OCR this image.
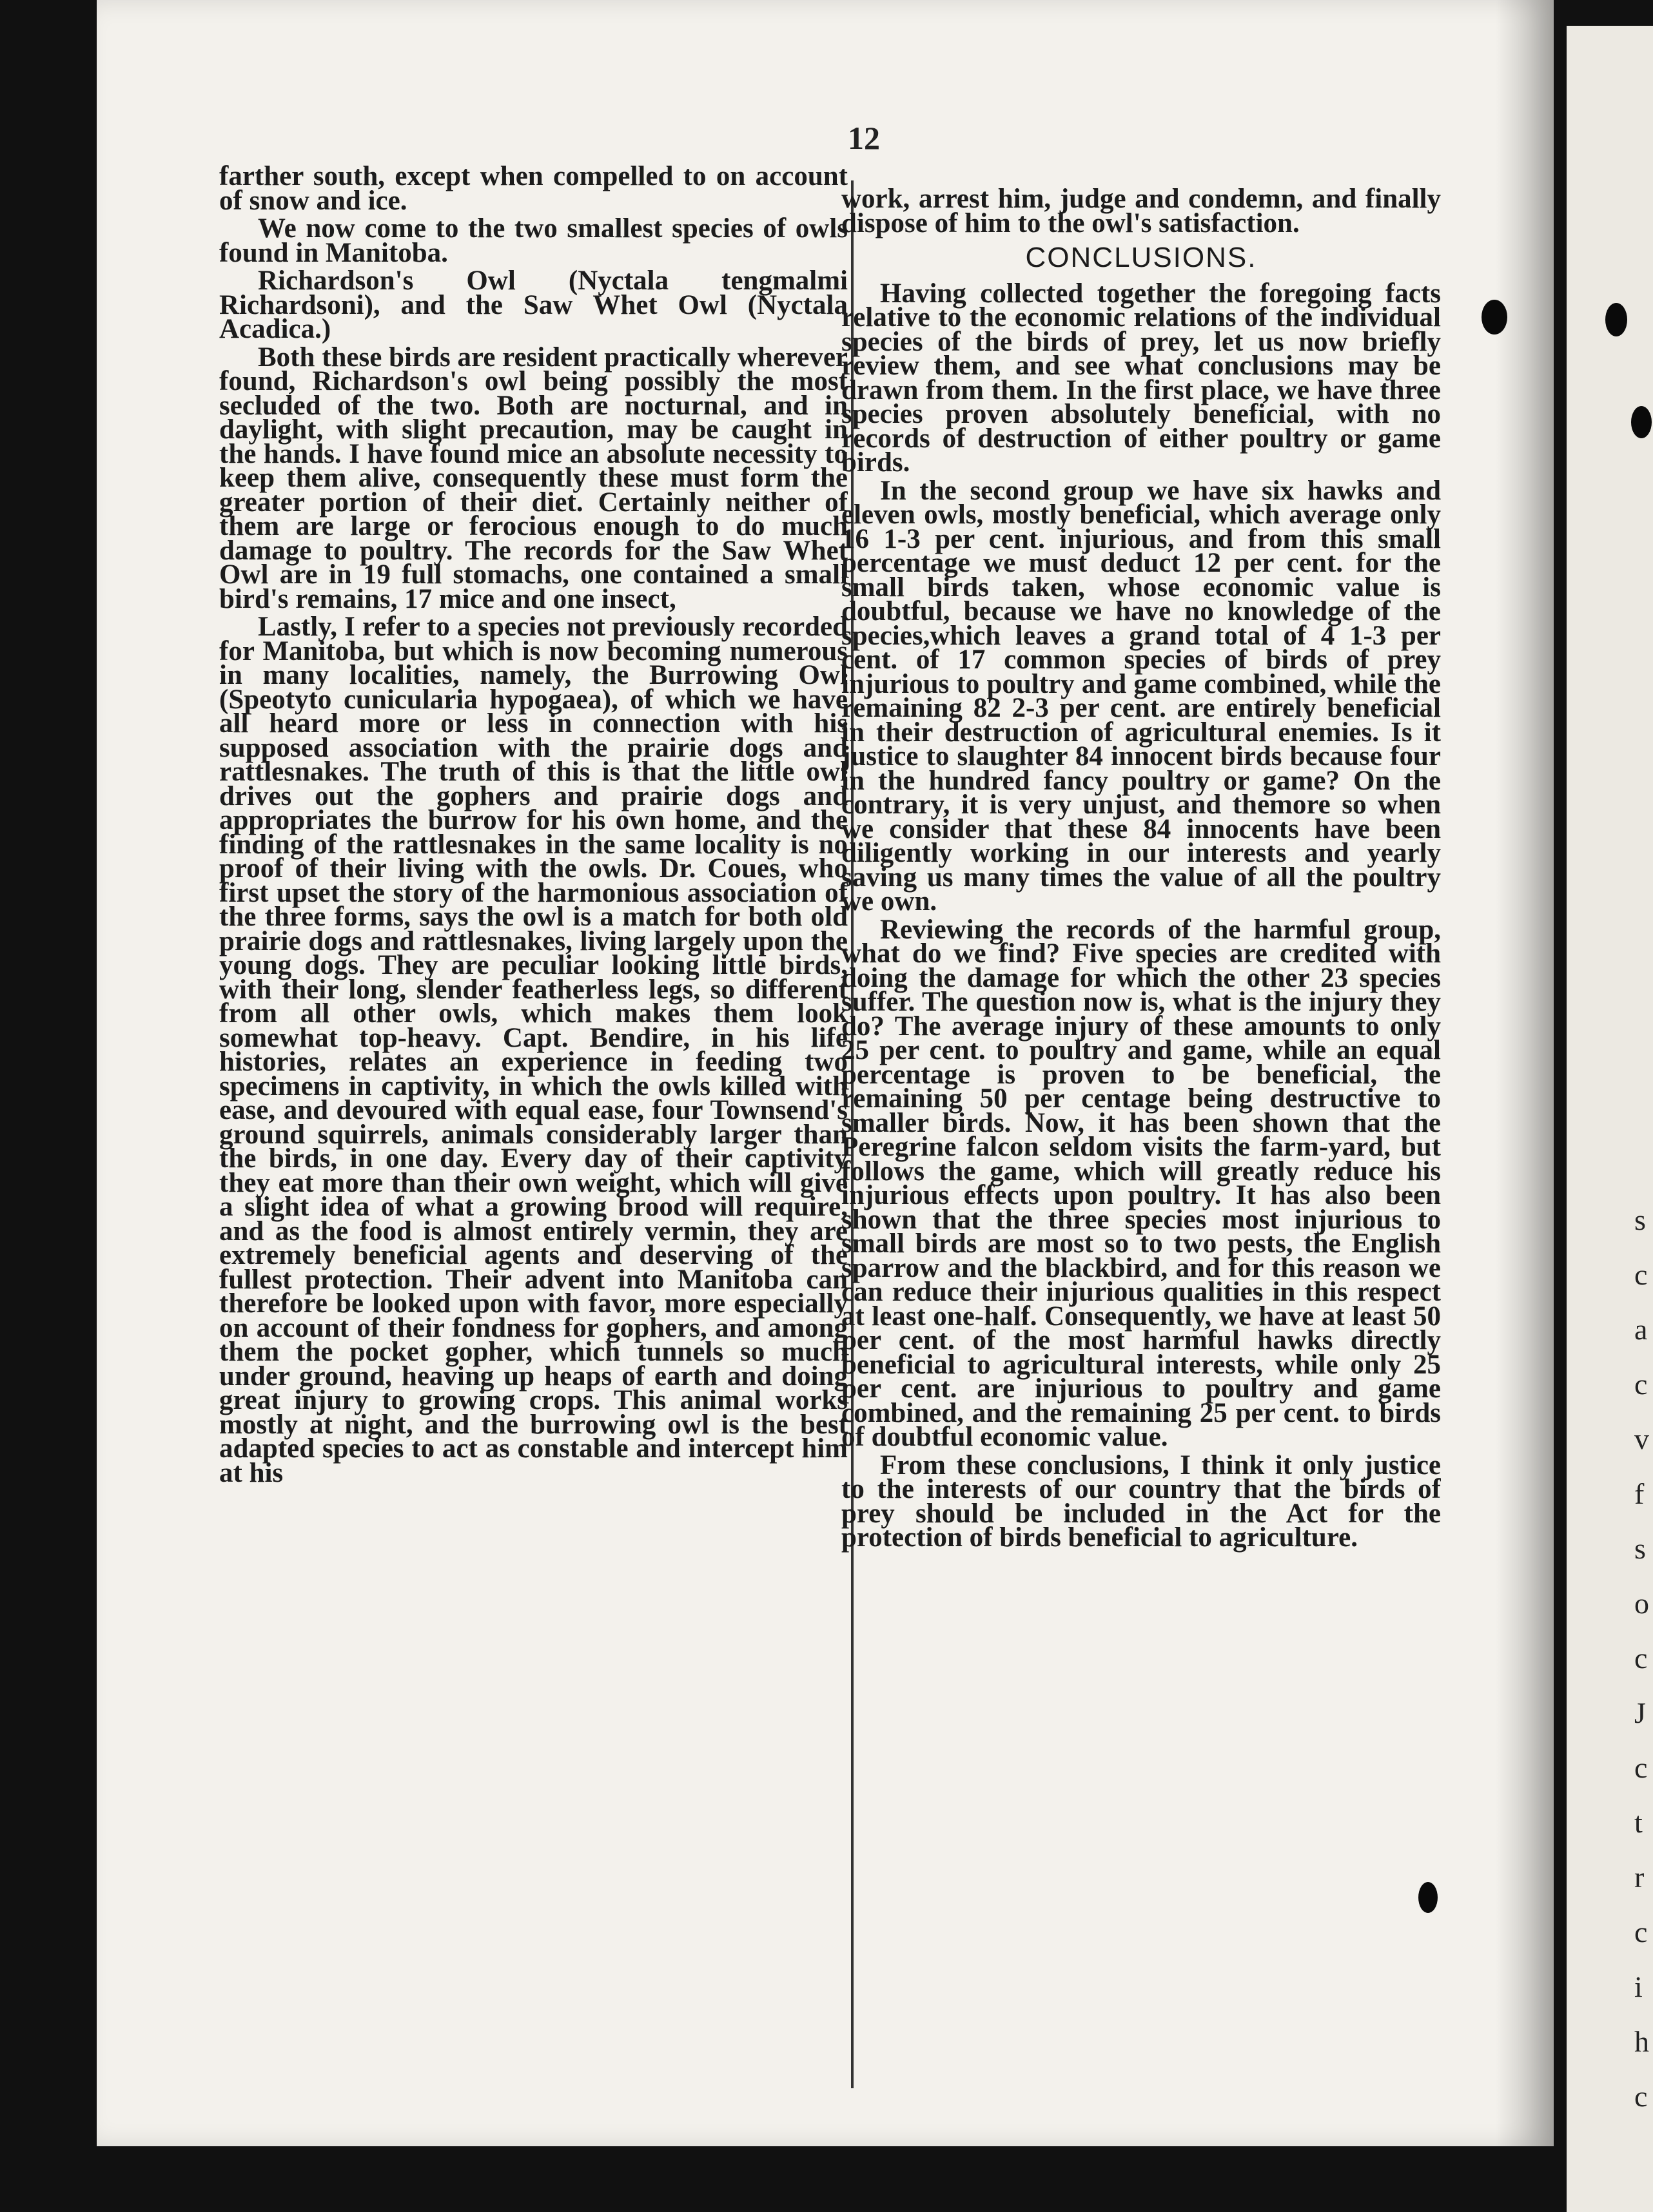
s
c
a
c
v
f
s
o
c
J
c
t
r
c
i
h
c
12

farther south, except when compelled to on account of snow and ice.

We now come to the two smallest species of owls found in Manitoba.

Richardson's Owl (Nyctala tengmalmi Richardsoni), and the Saw Whet Owl (Nyctala Acadica.)

Both these birds are resident practically wherever found, Richardson's owl being possibly the most secluded of the two. Both are nocturnal, and in daylight, with slight precaution, may be caught in the hands. I have found mice an absolute necessity to keep them alive, consequently these must form the greater portion of their diet. Certainly neither of them are large or ferocious enough to do much damage to poultry. The records for the Saw Whet Owl are in 19 full stomachs, one contained a small bird's remains, 17 mice and one insect,

Lastly, I refer to a species not previously recorded for Manitoba, but which is now becoming numerous in many localities, namely, the Burrowing Owl (Speotyto cunicularia hypogaea), of which we have all heard more or less in connection with his supposed association with the prairie dogs and rattlesnakes. The truth of this is that the little owl drives out the gophers and prairie dogs and appropriates the burrow for his own home, and the finding of the rattlesnakes in the same locality is no proof of their living with the owls. Dr. Coues, who first upset the story of the harmonious association of the three forms, says the owl is a match for both old prairie dogs and rattlesnakes, living largely upon the young dogs. They are peculiar looking little birds, with their long, slender featherless legs, so different from all other owls, which makes them look somewhat top-heavy. Capt. Bendire, in his life histories, relates an experience in feeding two specimens in captivity, in which the owls killed with ease, and devoured with equal ease, four Townsend's ground squirrels, animals considerably larger than the birds, in one day. Every day of their captivity they eat more than their own weight, which will give a slight idea of what a growing brood will require, and as the food is almost entirely vermin, they are extremely beneficial agents and deserving of the fullest protection. Their advent into Manitoba can therefore be looked upon with favor, more especially on account of their fondness for gophers, and among them the pocket gopher, which tunnels so much under ground, heaving up heaps of earth and doing great injury to growing crops. This animal works mostly at night, and the burrowing owl is the best adapted species to act as constable and intercept him at his

work, arrest him, judge and condemn, and finally dispose of him to the owl's satisfaction.

CONCLUSIONS.

Having collected together the foregoing facts relative to the economic relations of the individual species of the birds of prey, let us now briefly review them, and see what conclusions may be drawn from them. In the first place, we have three species proven absolutely beneficial, with no records of destruction of either poultry or game birds.

In the second group we have six hawks and eleven owls, mostly beneficial, which average only 16 1-3 per cent. injurious, and from this small percentage we must deduct 12 per cent. for the small birds taken, whose economic value is doubtful, because we have no knowledge of the species,which leaves a grand total of 4 1-3 per cent. of 17 common species of birds of prey injurious to poultry and game combined, while the remaining 82 2-3 per cent. are entirely beneficial in their destruction of agricultural enemies. Is it justice to slaughter 84 innocent birds because four in the hundred fancy poultry or game? On the contrary, it is very unjust, and themore so when we consider that these 84 innocents have been diligently working in our interests and yearly saving us many times the value of all the poultry we own.

Reviewing the records of the harmful group, what do we find? Five species are credited with doing the damage for which the other 23 species suffer. The question now is, what is the injury they do? The average injury of these amounts to only 25 per cent. to poultry and game, while an equal percentage is proven to be beneficial, the remaining 50 per centage being destructive to smaller birds. Now, it has been shown that the Peregrine falcon seldom visits the farm-yard, but follows the game, which will greatly reduce his injurious effects upon poultry. It has also been shown that the three species most injurious to small birds are most so to two pests, the English sparrow and the blackbird, and for this reason we can reduce their injurious qualities in this respect at least one-half. Consequently, we have at least 50 per cent. of the most harmful hawks directly beneficial to agricultural interests, while only 25 per cent. are injurious to poultry and game combined, and the remaining 25 per cent. to birds of doubtful economic value.

From these conclusions, I think it only justice to the interests of our country that the birds of prey should be included in the Act for the protection of birds beneficial to agriculture.
